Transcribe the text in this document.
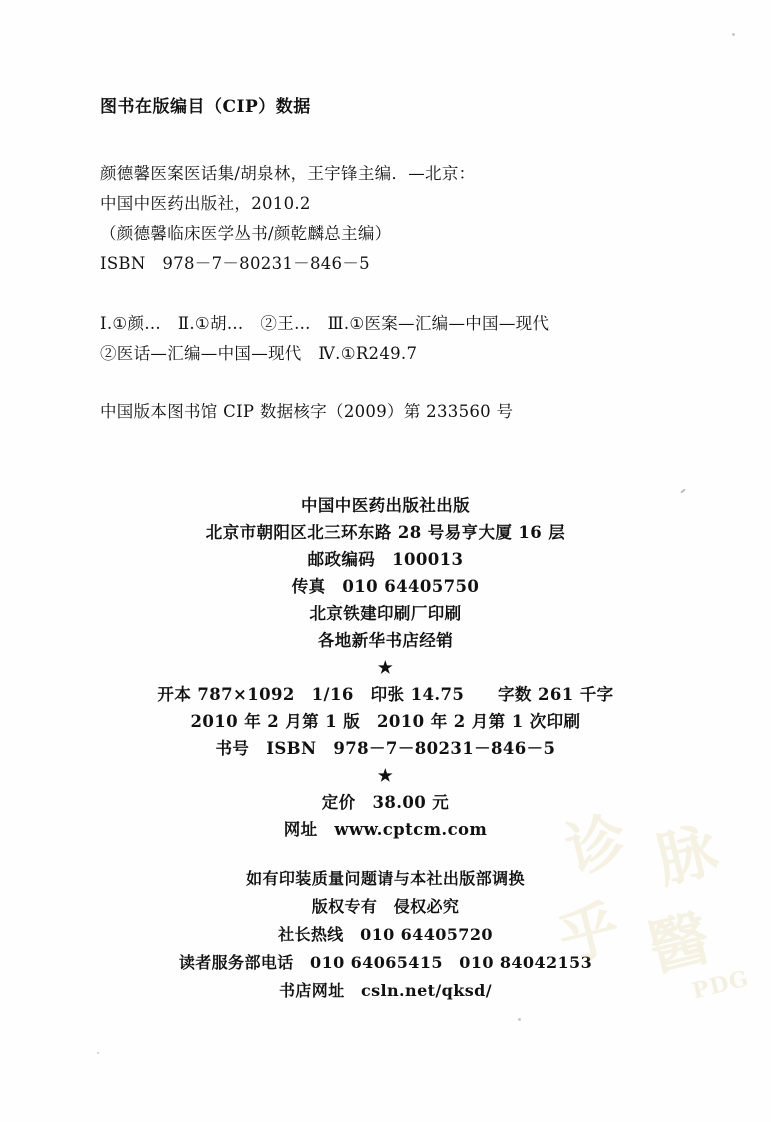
图书在版编目（CIP）数据

颜德馨医案医话集/胡泉林，王宇锋主编．—北京：

中国中医药出版社，2010.2

（颜德馨临床医学丛书/颜乾麟总主编）

ISBN　978－7－80231－846－5

Ⅰ.①颜…　Ⅱ.①胡…　②王…　Ⅲ.①医案—汇编—中国—现代

②医话—汇编—中国—现代　Ⅳ.①R249.7

中国版本图书馆 CIP 数据核字（2009）第 233560 号

中国中医药出版社出版
北京市朝阳区北三环东路 28 号易亨大厦 16 层
邮政编码　100013
传真　010 64405750
北京铁建印刷厂印刷
各地新华书店经销
★
开本 787×1092　1/16　印张 14.75　　字数 261 千字
2010 年 2 月第 1 版　2010 年 2 月第 1 次印刷
书号　ISBN　978－7－80231－846－5
★
定价　38.00 元
网址　www.cptcm.com
如有印装质量问题请与本社出版部调换
版权专有　侵权必究
社长热线　010 64405720
读者服务部电话　010 64065415　010 84042153
书店网址　csln.net/qksd/
诊 脉
乎 醫
PDG
